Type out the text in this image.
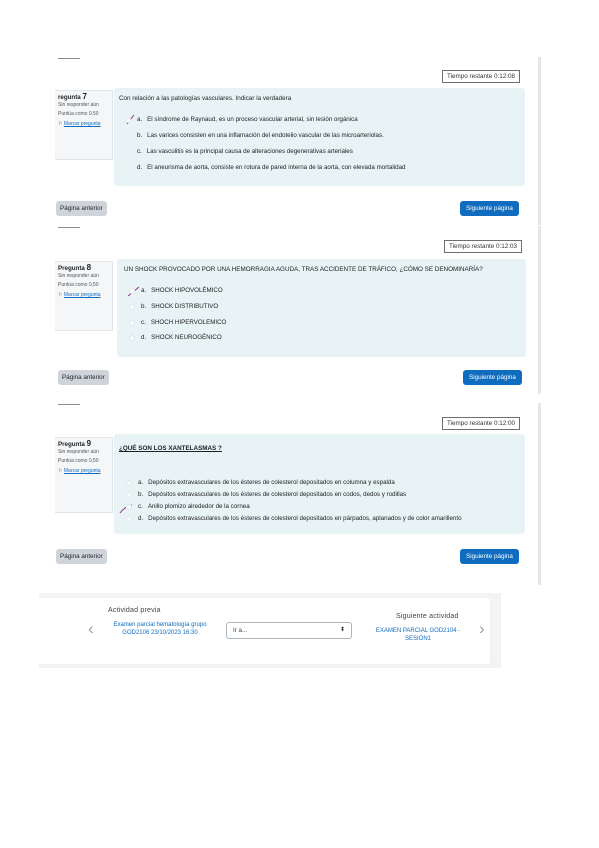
Tiempo restante 0:12:08
regunta 7
Sin responder aún
Puntúa como 0,50
⚐ Marcar pregunta
Con relación a las patologías vasculares. Indicar la verdadera
a. El síndrome de Raynaud, es un proceso vascular arterial, sin lesión orgánica
b. Las varices consisten en una inflamación del endotelio vascular de las microarteriolas.
c. Las vasculitis es la principal causa de alteraciones degenerativas arteriales
d. El aneurisma de aorta, consiste en rotura de pared interna de la aorta, con elevada mortalidad
Página anterior	Siguiente página
Tiempo restante 0:12:03
Pregunta 8
Sin responder aún
Puntúa como 0,50
⚐ Marcar pregunta
UN SHOCK PROVOCADO POR UNA HEMORRAGIA AGUDA, TRAS ACCIDENTE DE TRÁFICO, ¿CÓMO SE DENOMINARÍA?
a. SHOCK HIPOVOLÉMICO
b. SHOCK DISTRIBUTIVO
c. SHOCH HIPERVOLEMICO
d. SHOCK NEUROGÉNICO
Página anterior	Siguiente página
Tiempo restante 0:12:00
Pregunta 9
Sin responder aún
Puntúa como 0,50
⚐ Marcar pregunta
¿QUÉ SON LOS XANTELASMAS ?
a. Depósitos extravasculares de los ésteres de colesterol depositados en columna y espalda
b. Depósitos extravasculares de los ésteres de colesterol depositados en codos, dedos y rodillas
c. Anillo plomizo alrededor de la cornea
d. Depósitos extravasculares de los ésteres de colesterol depositados en párpados, aplanados y de color amarillento
Página anterior	Siguiente página
‹
Actividad previa
Examen parcial hematología grupo GOD2106 23/10/2023 16:30	Ir a...	⬍
Siguiente actividad
EXAMEN PARCIAL GOD2104 - SESIÓN1
›
